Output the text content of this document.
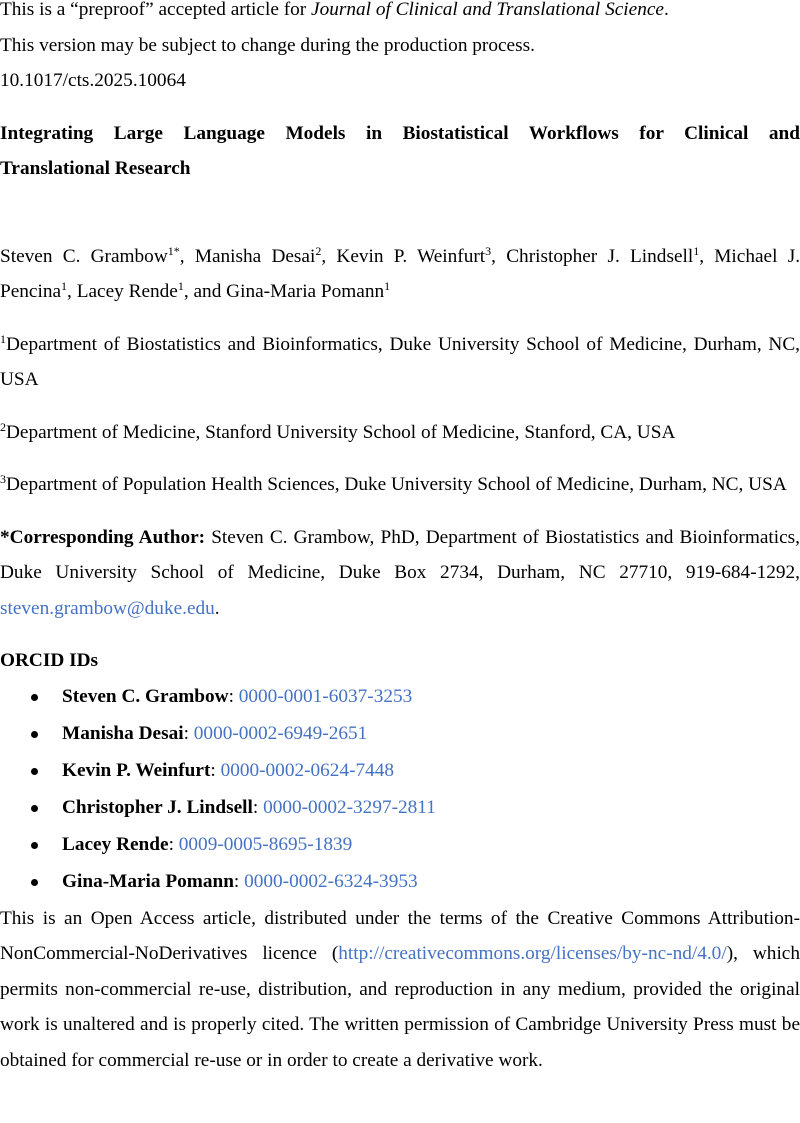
This is a “preproof” accepted article for Journal of Clinical and Translational Science.

This version may be subject to change during the production process.

10.1017/cts.2025.10064

Integrating Large Language Models in Biostatistical Workflows for Clinical and
Translational Research

Steven C. Grambow$^{1*}$, Manisha Desai$^2$, Kevin P. Weinfurt$^3$, Christopher J. Lindsell$^1$, Michael J. Pencina$^1$, Lacey Rende$^1$, and Gina-Maria Pomann$^1$

$^1$Department of Biostatistics and Bioinformatics, Duke University School of Medicine, Durham, NC, USA

$^2$Department of Medicine, Stanford University School of Medicine, Stanford, CA, USA

$^3$Department of Population Health Sciences, Duke University School of Medicine, Durham, NC, USA

*Corresponding Author: Steven C. Grambow, PhD, Department of Biostatistics and Bioinformatics, Duke University School of Medicine, Duke Box 2734, Durham, NC 27710, 919-684-1292, steven.grambow@duke.edu.

ORCID IDs

Steven C. Grambow: 0000-0001-6037-3253
Manisha Desai: 0000-0002-6949-2651
Kevin P. Weinfurt: 0000-0002-0624-7448
Christopher J. Lindsell: 0000-0002-3297-2811
Lacey Rende: 0009-0005-8695-1839
Gina-Maria Pomann: 0000-0002-6324-3953

This is an Open Access article, distributed under the terms of the Creative Commons Attribution-NonCommercial-NoDerivatives licence (http://creativecommons.org/licenses/by-nc-nd/4.0/), which permits non-commercial re-use, distribution, and reproduction in any medium, provided the original work is unaltered and is properly cited. The written permission of Cambridge University Press must be obtained for commercial re-use or in order to create a derivative work.
